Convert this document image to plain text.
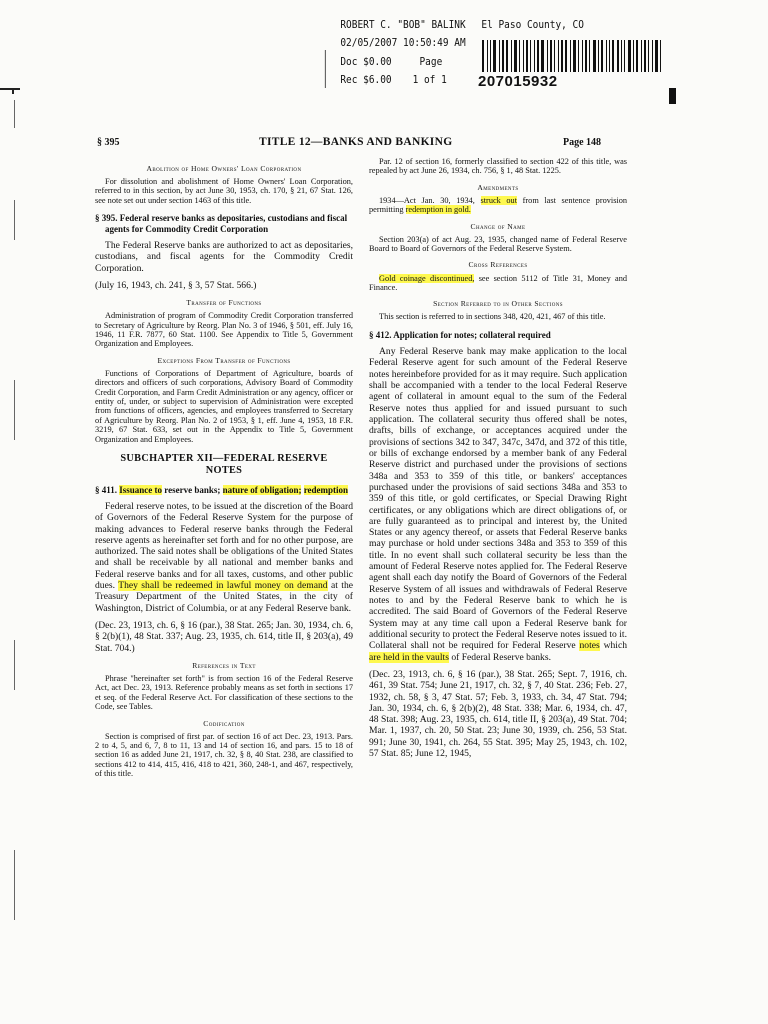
ROBERT C. "BOB" BALINK El Paso County, CO
02/05/2007 10:50:49 AM
Doc $0.00	Page
Rec $6.00 1 of 1 207015932
§ 395	TITLE 12—BANKS AND BANKING	Page 148
Abolition of Home Owners' Loan Corporation

For dissolution and abolishment of Home Owners' Loan Corporation, referred to in this section, by act June 30, 1953, ch. 170, § 21, 67 Stat. 126, see note set out under section 1463 of this title.

§ 395. Federal reserve banks as depositaries, custodians and fiscal agents for Commodity Credit Corporation

The Federal Reserve banks are authorized to act as depositaries, custodians, and fiscal agents for the Commodity Credit Corporation.

(July 16, 1943, ch. 241, § 3, 57 Stat. 566.)

Transfer of Functions

Administration of program of Commodity Credit Corporation transferred to Secretary of Agriculture by Reorg. Plan No. 3 of 1946, § 501, eff. July 16, 1946, 11 F.R. 7877, 60 Stat. 1100. See Appendix to Title 5, Government Organization and Employees.

Exceptions From Transfer of Functions

Functions of Corporations of Department of Agriculture, boards of directors and officers of such corporations, Advisory Board of Commodity Credit Corporation, and Farm Credit Administration or any agency, officer or entity of, under, or subject to supervision of Administration were excepted from functions of officers, agencies, and employees transferred to Secretary of Agriculture by Reorg. Plan No. 2 of 1953, § 1, eff. June 4, 1953, 18 F.R. 3219, 67 Stat. 633, set out in the Appendix to Title 5, Government Organization and Employees.

SUBCHAPTER XII—FEDERAL RESERVE
NOTES
§ 411. Issuance to reserve banks; nature of obligation; redemption

Federal reserve notes, to be issued at the discretion of the Board of Governors of the Federal Reserve System for the purpose of making advances to Federal reserve banks through the Federal reserve agents as hereinafter set forth and for no other purpose, are authorized. The said notes shall be obligations of the United States and shall be receivable by all national and member banks and Federal reserve banks and for all taxes, customs, and other public dues. They shall be redeemed in lawful money on demand at the Treasury Department of the United States, in the city of Washington, District of Columbia, or at any Federal Reserve bank.

(Dec. 23, 1913, ch. 6, § 16 (par.), 38 Stat. 265; Jan. 30, 1934, ch. 6, § 2(b)(1), 48 Stat. 337; Aug. 23, 1935, ch. 614, title II, § 203(a), 49 Stat. 704.)

References in Text

Phrase "hereinafter set forth" is from section 16 of the Federal Reserve Act, act Dec. 23, 1913. Reference probably means as set forth in sections 17 et seq. of the Federal Reserve Act. For classification of these sections to the Code, see Tables.

Codification

Section is comprised of first par. of section 16 of act Dec. 23, 1913. Pars. 2 to 4, 5, and 6, 7, 8 to 11, 13 and 14 of section 16, and pars. 15 to 18 of section 16 as added June 21, 1917, ch. 32, § 8, 40 Stat. 238, are classified to sections 412 to 414, 415, 416, 418 to 421, 360, 248-1, and 467, respectively, of this title.

Par. 12 of section 16, formerly classified to section 422 of this title, was repealed by act June 26, 1934, ch. 756, § 1, 48 Stat. 1225.

Amendments

1934—Act Jan. 30, 1934, struck out from last sentence provision permitting redemption in gold.

Change of Name

Section 203(a) of act Aug. 23, 1935, changed name of Federal Reserve Board to Board of Governors of the Federal Reserve System.

Cross References

Gold coinage discontinued, see section 5112 of Title 31, Money and Finance.

Section Referred to in Other Sections

This section is referred to in sections 348, 420, 421, 467 of this title.

§ 412. Application for notes; collateral required

Any Federal Reserve bank may make application to the local Federal Reserve agent for such amount of the Federal Reserve notes hereinbefore provided for as it may require. Such application shall be accompanied with a tender to the local Federal Reserve agent of collateral in amount equal to the sum of the Federal Reserve notes thus applied for and issued pursuant to such application. The collateral security thus offered shall be notes, drafts, bills of exchange, or acceptances acquired under the provisions of sections 342 to 347, 347c, 347d, and 372 of this title, or bills of exchange endorsed by a member bank of any Federal Reserve district and purchased under the provisions of sections 348a and 353 to 359 of this title, or bankers' acceptances purchased under the provisions of said sections 348a and 353 to 359 of this title, or gold certificates, or Special Drawing Right certificates, or any obligations which are direct obligations of, or are fully guaranteed as to principal and interest by, the United States or any agency thereof, or assets that Federal Reserve banks may purchase or hold under sections 348a and 353 to 359 of this title. In no event shall such collateral security be less than the amount of Federal Reserve notes applied for. The Federal Reserve agent shall each day notify the Board of Governors of the Federal Reserve System of all issues and withdrawals of Federal Reserve notes to and by the Federal Reserve bank to which he is accredited. The said Board of Governors of the Federal Reserve System may at any time call upon a Federal Reserve bank for additional security to protect the Federal Reserve notes issued to it. Collateral shall not be required for Federal Reserve notes which are held in the vaults of Federal Reserve banks.

(Dec. 23, 1913, ch. 6, § 16 (par.), 38 Stat. 265; Sept. 7, 1916, ch. 461, 39 Stat. 754; June 21, 1917, ch. 32, § 7, 40 Stat. 236; Feb. 27, 1932, ch. 58, § 3, 47 Stat. 57; Feb. 3, 1933, ch. 34, 47 Stat. 794; Jan. 30, 1934, ch. 6, § 2(b)(2), 48 Stat. 338; Mar. 6, 1934, ch. 47, 48 Stat. 398; Aug. 23, 1935, ch. 614, title II, § 203(a), 49 Stat. 704; Mar. 1, 1937, ch. 20, 50 Stat. 23; June 30, 1939, ch. 256, 53 Stat. 991; June 30, 1941, ch. 264, 55 Stat. 395; May 25, 1943, ch. 102, 57 Stat. 85; June 12, 1945,
